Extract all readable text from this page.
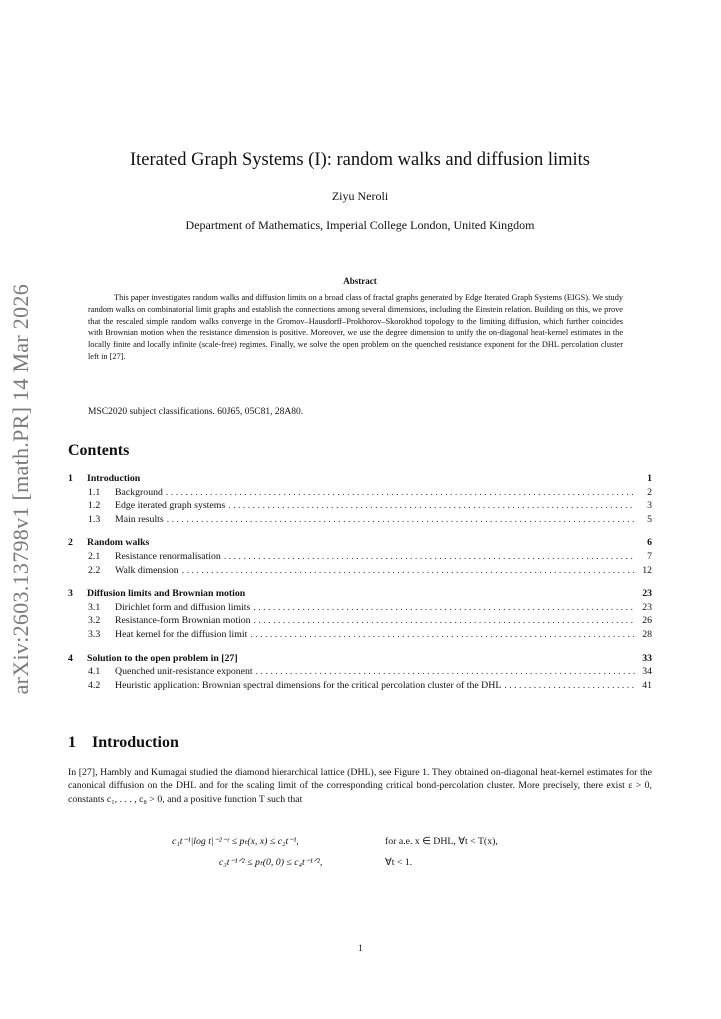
arXiv:2603.13798v1 [math.PR] 14 Mar 2026
Iterated Graph Systems (I): random walks and diffusion limits
Ziyu Neroli
Department of Mathematics, Imperial College London, United Kingdom
Abstract
This paper investigates random walks and diffusion limits on a broad class of fractal graphs generated by Edge Iterated Graph Systems (EIGS). We study random walks on combinatorial limit graphs and establish the connections among several dimensions, including the Einstein relation. Building on this, we prove that the rescaled simple random walks converge in the Gromov–Hausdorff–Prokhorov–Skorokhod topology to the limiting diffusion, which further coincides with Brownian motion when the resistance dimension is positive. Moreover, we use the degree dimension to unify the on-diagonal heat-kernel estimates in the locally finite and locally infinite (scale-free) regimes. Finally, we solve the open problem on the quenched resistance exponent for the DHL percolation cluster left in [27].
MSC2020 subject classifications. 60J65, 05C81, 28A80.
Contents
1	Introduction	1
1.1	Background . . .	2
1.2	Edge iterated graph systems . . .	3
1.3	Main results . . .	5
2	Random walks	6
2.1	Resistance renormalisation . . .	7
2.2	Walk dimension . . .	12
3	Diffusion limits and Brownian motion	23
3.1	Dirichlet form and diffusion limits . . .	23
3.2	Resistance-form Brownian motion . . .	26
3.3	Heat kernel for the diffusion limit . . .	28
4	Solution to the open problem in [27]	33
4.1	Quenched unit-resistance exponent . . .	34
4.2	Heuristic application: Brownian spectral dimensions for the critical percolation cluster of the DHL . . .	41
1 Introduction
In [27], Hambly and Kumagai studied the diamond hierarchical lattice (DHL), see Figure 1. They obtained on-diagonal heat-kernel estimates for the canonical diffusion on the DHL and for the scaling limit of the corresponding critical bond-percolation cluster. More precisely, there exist ε > 0, constants c₁, . . . , c₈ > 0, and a positive function T such that
c₁t⁻¹|log t|⁻²⁻ᵋ ≤ pₜ(x, x) ≤ c₂t⁻¹,	for a.e. x ∈ DHL, ∀t < T(x),
c₃t⁻¹ᐟ² ≤ pₜ(0, 0) ≤ c₄t⁻¹ᐟ²,	∀t < 1.
1
